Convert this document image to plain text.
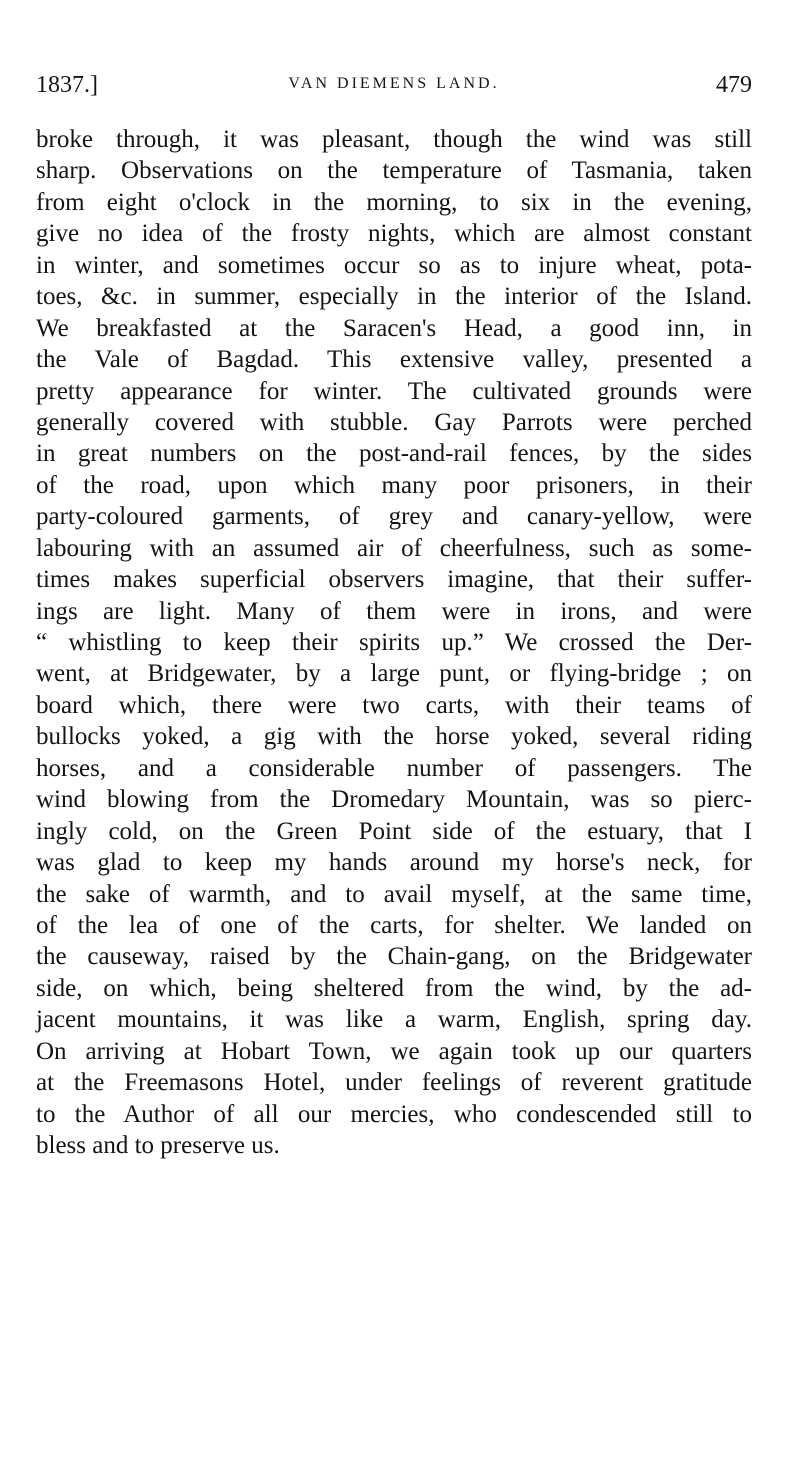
1837.]	VAN DIEMENS LAND.	479
broke through, it was pleasant, though the wind was still
sharp. Observations on the temperature of Tasmania, taken
from eight o'clock in the morning, to six in the evening,
give no idea of the frosty nights, which are almost constant
in winter, and sometimes occur so as to injure wheat, pota-
toes, &c. in summer, especially in the interior of the Island.
We breakfasted at the Saracen's Head, a good inn, in
the Vale of Bagdad. This extensive valley, presented a
pretty appearance for winter. The cultivated grounds were
generally covered with stubble. Gay Parrots were perched
in great numbers on the post-and-rail fences, by the sides
of the road, upon which many poor prisoners, in their
party-coloured garments, of grey and canary-yellow, were
labouring with an assumed air of cheerfulness, such as some-
times makes superficial observers imagine, that their suffer-
ings are light. Many of them were in irons, and were
“ whistling to keep their spirits up.” We crossed the Der-
went, at Bridgewater, by a large punt, or flying-bridge ; on
board which, there were two carts, with their teams of
bullocks yoked, a gig with the horse yoked, several riding
horses, and a considerable number of passengers. The
wind blowing from the Dromedary Mountain, was so pierc-
ingly cold, on the Green Point side of the estuary, that I
was glad to keep my hands around my horse's neck, for
the sake of warmth, and to avail myself, at the same time,
of the lea of one of the carts, for shelter. We landed on
the causeway, raised by the Chain-gang, on the Bridgewater
side, on which, being sheltered from the wind, by the ad-
jacent mountains, it was like a warm, English, spring day.
On arriving at Hobart Town, we again took up our quarters
at the Freemasons Hotel, under feelings of reverent gratitude
to the Author of all our mercies, who condescended still to
bless and to preserve us.
